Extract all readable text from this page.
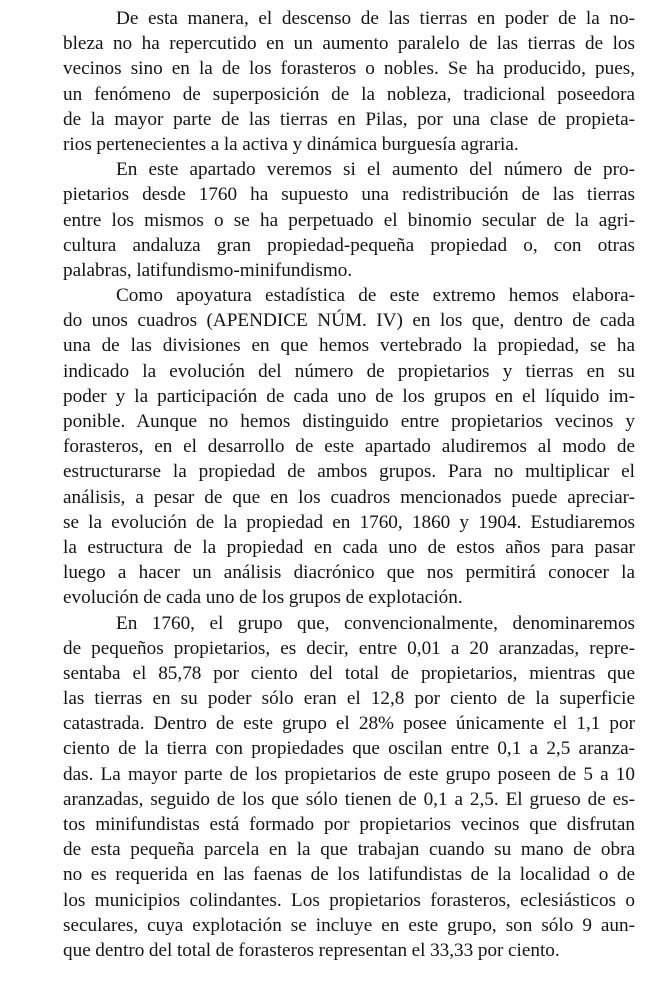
De esta manera, el descenso de las tierras en poder de la no-
bleza no ha repercutido en un aumento paralelo de las tierras de los
vecinos sino en la de los forasteros o nobles. Se ha producido, pues,
un fenómeno de superposición de la nobleza, tradicional poseedora
de la mayor parte de las tierras en Pilas, por una clase de propieta-
rios pertenecientes a la activa y dinámica burguesía agraria.
En este apartado veremos si el aumento del número de pro-
pietarios desde 1760 ha supuesto una redistribución de las tierras
entre los mismos o se ha perpetuado el binomio secular de la agri-
cultura andaluza gran propiedad-pequeña propiedad o, con otras
palabras, latifundismo-minifundismo.
Como apoyatura estadística de este extremo hemos elabora-
do unos cuadros (APENDICE NÚM. IV) en los que, dentro de cada
una de las divisiones en que hemos vertebrado la propiedad, se ha
indicado la evolución del número de propietarios y tierras en su
poder y la participación de cada uno de los grupos en el líquido im-
ponible. Aunque no hemos distinguido entre propietarios vecinos y
forasteros, en el desarrollo de este apartado aludiremos al modo de
estructurarse la propiedad de ambos grupos. Para no multiplicar el
análisis, a pesar de que en los cuadros mencionados puede apreciar-
se la evolución de la propiedad en 1760, 1860 y 1904. Estudiaremos
la estructura de la propiedad en cada uno de estos años para pasar
luego a hacer un análisis diacrónico que nos permitirá conocer la
evolución de cada uno de los grupos de explotación.
En 1760, el grupo que, convencionalmente, denominaremos
de pequeños propietarios, es decir, entre 0,01 a 20 aranzadas, repre-
sentaba el 85,78 por ciento del total de propietarios, mientras que
las tierras en su poder sólo eran el 12,8 por ciento de la superficie
catastrada. Dentro de este grupo el 28% posee únicamente el 1,1 por
ciento de la tierra con propiedades que oscilan entre 0,1 a 2,5 aranza-
das. La mayor parte de los propietarios de este grupo poseen de 5 a 10
aranzadas, seguido de los que sólo tienen de 0,1 a 2,5. El grueso de es-
tos minifundistas está formado por propietarios vecinos que disfrutan
de esta pequeña parcela en la que trabajan cuando su mano de obra
no es requerida en las faenas de los latifundistas de la localidad o de
los municipios colindantes. Los propietarios forasteros, eclesiásticos o
seculares, cuya explotación se incluye en este grupo, son sólo 9 aun-
que dentro del total de forasteros representan el 33,33 por ciento.
